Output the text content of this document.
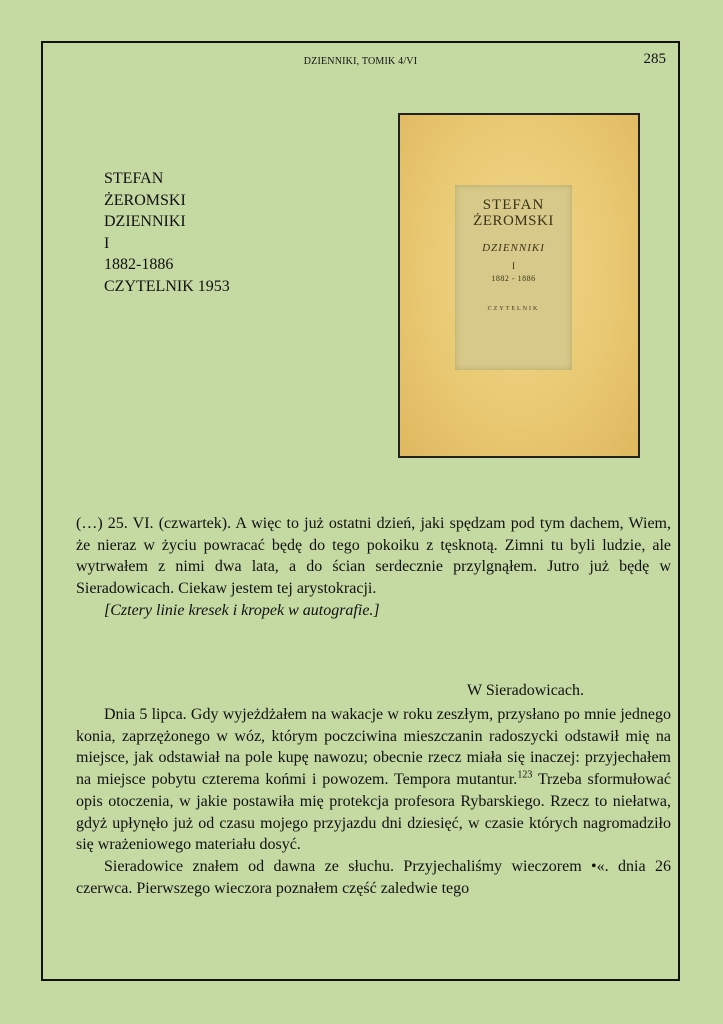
DZIENNIKI, TOMIK 4/VI	285
STEFAN
ŻEROMSKI
DZIENNIKI
I
1882-1886
CZYTELNIK 1953
STEFAN
ŻEROMSKI
DZIENNIKI
I
1882 - 1886
CZYTELNIK

(…) 25. VI. (czwartek). A więc to już ostatni dzień, jaki spędzam pod tym dachem, Wiem, że nieraz w życiu powracać będę do tego pokoiku z tęsknotą. Zimni tu byli ludzie, ale wytrwałem z nimi dwa lata, a do ścian serdecznie przylgnąłem. Jutro już będę w Sieradowicach. Ciekaw jestem tej arystokracji.

[Cztery linie kresek i kropek w autografie.]

W Sieradowicach.

Dnia 5 lipca. Gdy wyjeżdżałem na wakacje w roku zeszłym, przysłano po mnie jednego konia, zaprzężonego w wóz, którym poczciwina mieszczanin radoszycki odstawił mię na miejsce, jak odstawiał na pole kupę nawozu; obecnie rzecz miała się inaczej: przyjechałem na miejsce pobytu czterema końmi i powozem. Tempora mutantur.$^{123}$ Trzeba sformułować opis otoczenia, w jakie postawiła mię protekcja profesora Rybarskiego. Rzecz to niełatwa, gdyż upłynęło już od czasu mojego przyjazdu dni dziesięć, w czasie których nagromadziło się wrażeniowego materiału dosyć.

Sieradowice znałem od dawna ze słuchu. Przyjechaliśmy wieczorem •«. dnia 26 czerwca. Pierwszego wieczora poznałem część zaledwie tego
